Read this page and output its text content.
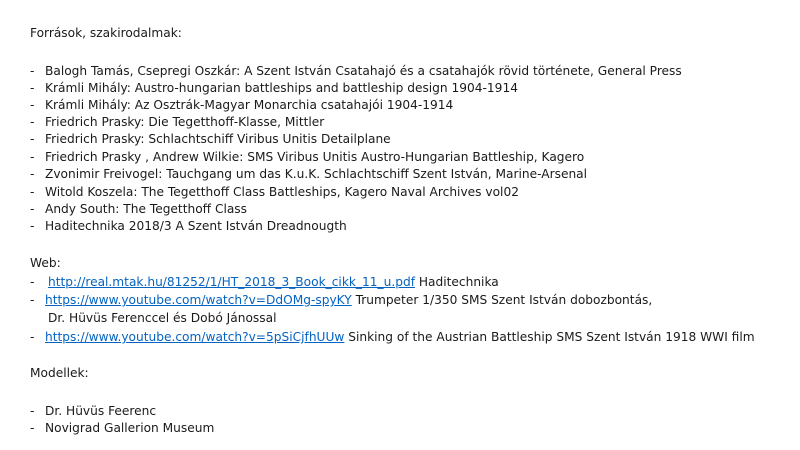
Források, szakirodalmak:
- Balogh Tamás, Csepregi Oszkár: A Szent István Csatahajó és a csatahajók rövid története, General Press
- Krámli Mihály: Austro-hungarian battleships and battleship design 1904-1914
- Krámli Mihály: Az Osztrák-Magyar Monarchia csatahajói 1904-1914
- Friedrich Prasky: Die Tegetthoff-Klasse, Mittler
- Friedrich Prasky: Schlachtschiff Viribus Unitis Detailplane
- Friedrich Prasky , Andrew Wilkie: SMS Viribus Unitis Austro-Hungarian Battleship, Kagero
- Zvonimir Freivogel: Tauchgang um das K.u.K. Schlachtschiff Szent István, Marine-Arsenal
- Witold Koszela: The Tegetthoff Class Battleships, Kagero Naval Archives vol02
- Andy South: The Tegetthoff Class
- Haditechnika 2018/3 A Szent István Dreadnougth
Web:
- http://real.mtak.hu/81252/1/HT_2018_3_Book_cikk_11_u.pdf Haditechnika
- https://www.youtube.com/watch?v=DdOMg-spyKY Trumpeter 1/350 SMS Szent István dobozbontás,
Dr. Hüvüs Ferenccel és Dobó Jánossal
- https://www.youtube.com/watch?v=5pSiCjfhUUw Sinking of the Austrian Battleship SMS Szent István 1918 WWI film
Modellek:
- Dr. Hüvüs Feerenc
- Novigrad Gallerion Museum
